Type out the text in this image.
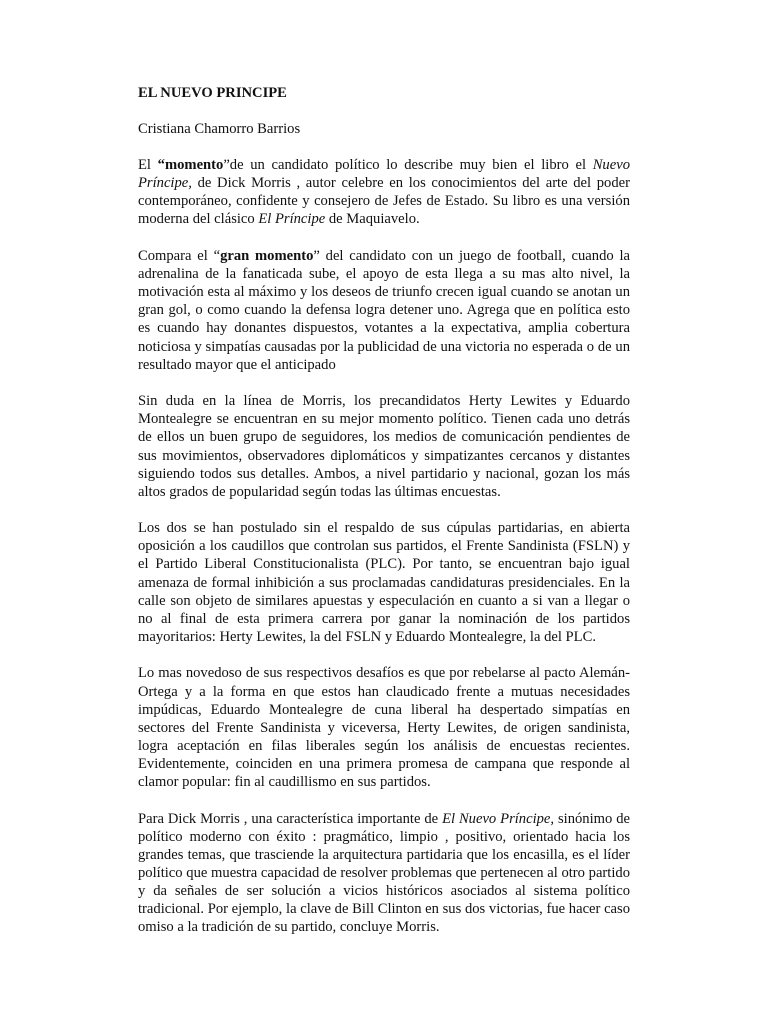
EL NUEVO PRINCIPE
Cristiana Chamorro Barrios

El “momento”de un candidato político lo describe muy bien el libro el Nuevo Príncipe, de Dick Morris , autor celebre en los conocimientos del arte del poder contemporáneo, confidente y consejero de Jefes de Estado. Su libro es una versión moderna del clásico El Príncipe de Maquiavelo.

Compara el “gran momento” del candidato con un juego de football, cuando la adrenalina de la fanaticada sube, el apoyo de esta llega a su mas alto nivel, la motivación esta al máximo y los deseos de triunfo crecen igual cuando se anotan un gran gol, o como cuando la defensa logra detener uno. Agrega que en política esto es cuando hay donantes dispuestos, votantes a la expectativa, amplia cobertura noticiosa y simpatías causadas por la publicidad de una victoria no esperada o de un resultado mayor que el anticipado

Sin duda en la línea de Morris, los precandidatos Herty Lewites y Eduardo Montealegre se encuentran en su mejor momento político. Tienen cada uno detrás de ellos un buen grupo de seguidores, los medios de comunicación pendientes de sus movimientos, observadores diplomáticos y simpatizantes cercanos y distantes siguiendo todos sus detalles. Ambos, a nivel partidario y nacional, gozan los más altos grados de popularidad según todas las últimas encuestas.

Los dos se han postulado sin el respaldo de sus cúpulas partidarias, en abierta oposición a los caudillos que controlan sus partidos, el Frente Sandinista (FSLN) y el Partido Liberal Constitucionalista (PLC). Por tanto, se encuentran bajo igual amenaza de formal inhibición a sus proclamadas candidaturas presidenciales. En la calle son objeto de similares apuestas y especulación en cuanto a si van a llegar o no al final de esta primera carrera por ganar la nominación de los partidos mayoritarios: Herty Lewites, la del FSLN y Eduardo Montealegre, la del PLC.

Lo mas novedoso de sus respectivos desafíos es que por rebelarse al pacto Alemán-Ortega y a la forma en que estos han claudicado frente a mutuas necesidades impúdicas, Eduardo Montealegre de cuna liberal ha despertado simpatías en sectores del Frente Sandinista y viceversa, Herty Lewites, de origen sandinista, logra aceptación en filas liberales según los análisis de encuestas recientes. Evidentemente, coinciden en una primera promesa de campana que responde al clamor popular: fin al caudillismo en sus partidos.

Para Dick Morris , una característica importante de El Nuevo Príncipe, sinónimo de político moderno con éxito : pragmático, limpio , positivo, orientado hacia los grandes temas, que trasciende la arquitectura partidaria que los encasilla, es el líder político que muestra capacidad de resolver problemas que pertenecen al otro partido y da señales de ser solución a vicios históricos asociados al sistema político tradicional. Por ejemplo, la clave de Bill Clinton en sus dos victorias, fue hacer caso omiso a la tradición de su partido, concluye Morris.
